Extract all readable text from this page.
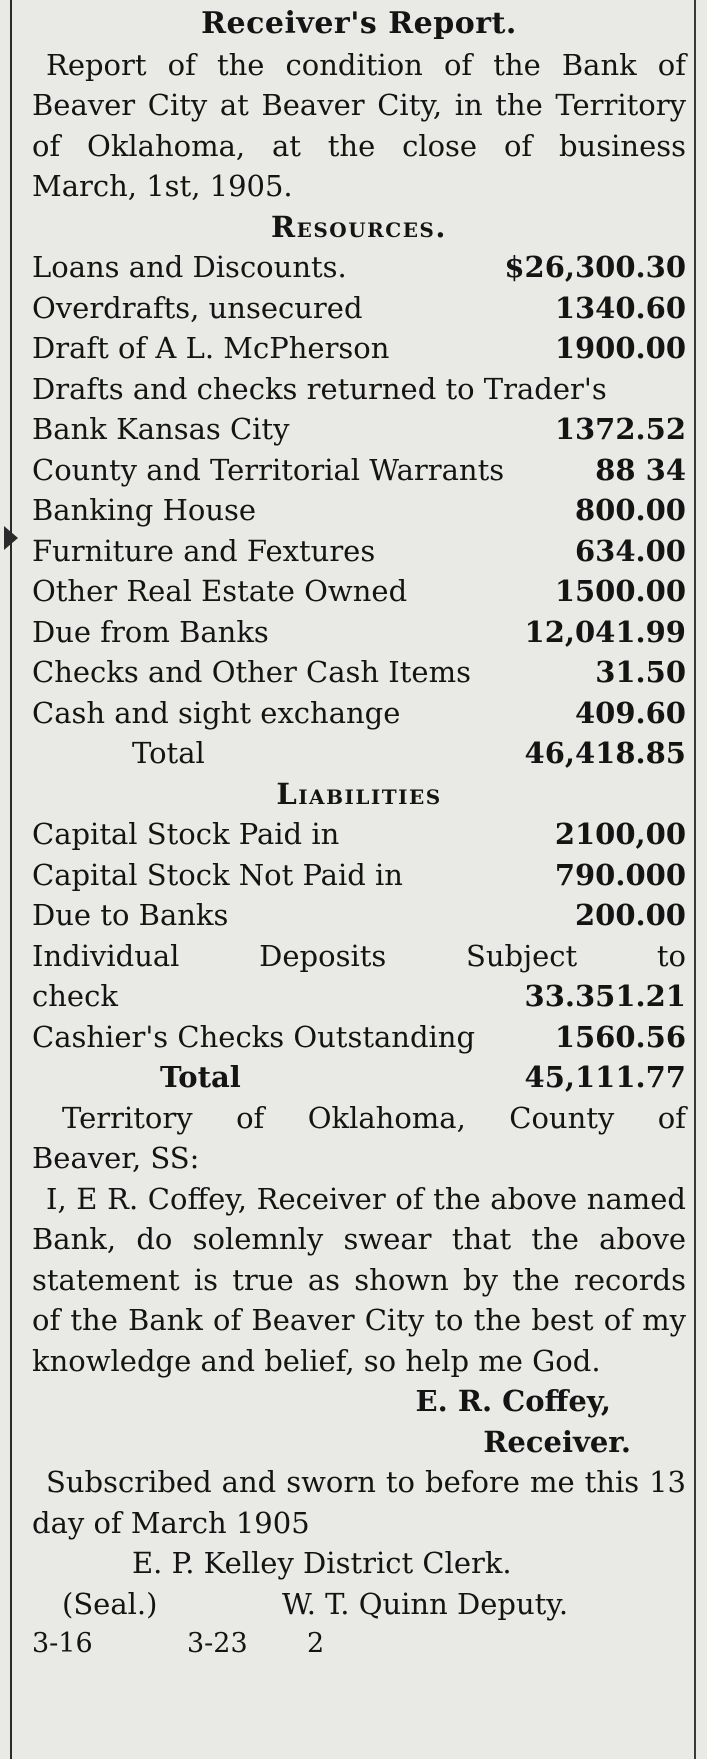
Receiver's Report.
Report of the condition of the Bank of Beaver City at Beaver City, in the Territory of Oklahoma, at the close of business March, 1st, 1905.
Resources.
Loans and Discounts.	$26,300.30
Overdrafts, unsecured	1340.60
Draft of A L. McPherson	1900.00
Drafts and checks returned to Trader's
Bank Kansas City	1372.52
County and Territorial Warrants	88 34
Banking House	800.00
Furniture and Fextures	634.00
Other Real Estate Owned	1500.00
Due from Banks	12,041.99
Checks and Other Cash Items	31.50
Cash and sight exchange	409.60
Total	46,418.85
Liabilities
Capital Stock Paid in	2100,00
Capital Stock Not Paid in	790.000
Due to Banks	200.00
Individual	Deposits	Subject	to
check	33.351.21
Cashier's Checks Outstanding	1560.56
Total	45,111.77
Territory of Oklahoma, County of
Beaver, SS:
I, E R. Coffey, Receiver of the above named Bank, do solemnly swear that the above statement is true as shown by the records of the Bank of Beaver City to the best of my knowledge and belief, so help me God.
E. R. Coffey,
Receiver.
Subscribed and sworn to before me this 13 day of March 1905
E. P. Kelley District Clerk.
(Seal.)	W. T. Quinn Deputy.
3-16	3-23	2
